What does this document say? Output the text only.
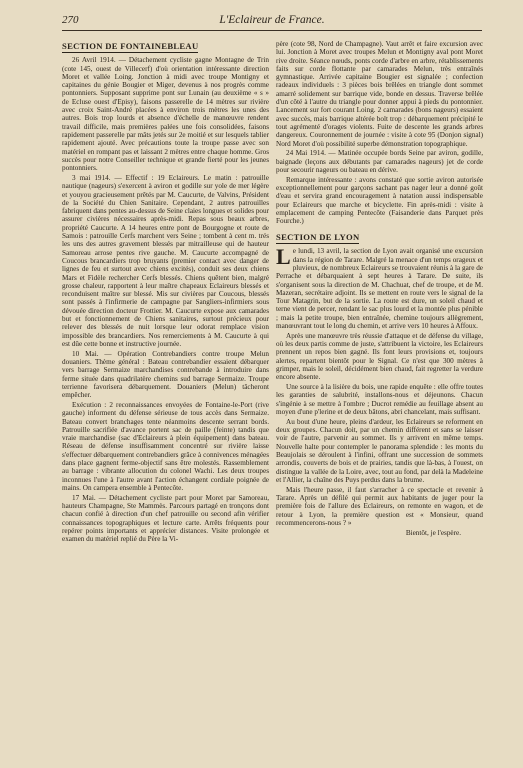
270	L'Eclaireur de France.
SECTION DE FONTAINEBLEAU

26 Avril 1914. — Détachement cycliste gagne Montagne de Trin (cote 145, ouest de Villecerf) d'où orientation intéressante direction Moret et vallée Loing. Jonction à midi avec troupe Montigny et capitaines du génie Bougier et Miger, devenus à nos progrès comme pontonniers. Supposant supprime pont sur Lunain (au deuxième « s » de Ecluse ouest d'Episy), faisons passerelle de 14 mètres sur rivière avec croix Saint-André placées à environ trois mètres les unes des autres. Bois trop lourds et absence d'échelle de manœuvre rendent travail difficile, mais premières palées une fois consolidées, faisons rapidement passerelle par mâts jetés sur 2e moitié et sur lesquels tablier rapidement ajouté. Avec précautions toute la troupe passe avec son matériel en rompant pas et laissant 2 mètres entre chaque homme. Gros succès pour notre Conseiller technique et grande fierté pour les jeunes pontonniers.

3 mai 1914. — Effectif : 19 Eclaireurs. Le matin : patrouille nautique (nageurs) s'exercent à aviron et godille sur yole de mer légère et youyou gracieusement prêtés par M. Caucurte, de Valvins, Président de la Société du Chien Sanitaire. Cependant, 2 autres patrouilles fabriquent dans pentes au-dessus de Seine claies longues et solides pour assurer civières nécessaires après-midi. Repas sous beaux arbres, propriété Caucurte. A 14 heures entre pont de Bourgogne et route de Samois : patrouille Cerfs marchent vers Seine ; tombent à cent m. trés les uns des autres gravement blessés par mitrailleuse qui de hauteur Samoreau arrose pentes rive gauche. M. Caucurte accompagné de Coucous brancardiers trop bruyants (premier contact avec danger de lignes de feu et surtout avec chiens excités), conduit ses deux chiens Mars et Fidèle rechercher Cerfs blessés. Chiens quêtent bien, malgré grosse chaleur, rapportent à leur maître chapeaux Eclaireurs blessés et reconduisent maître sur blessé. Mis sur civières par Coucous, blessés sont passés à l'infirmerie de campagne par Sangliers-infirmiers sous dévouée direction docteur Frottier. M. Caucurte expose aux camarades but et fonctionnement de Chiens sanitaires, surtout précieux pour relever des blessés de nuit lorsque leur odorat remplace vision impossible des brancardiers. Nos remerciements à M. Caucurte à qui est dûe cette bonne et instructive journée.

10 Mai. — Opération Contrebandiers contre troupe Melun douaniers. Thème général : Bateau contrebandier essaient débarquer vers barrage Sermaize marchandises contrebande à introduire dans ferme située dans quadrilatère chemins sud barrage Sermaize. Troupe terrienne favorisera débarquement. Douaniers (Melun) tâcheront empêcher.

Exécution : 2 reconnaissances envoyées de Fontaine-le-Port (rive gauche) informent du défense sérieuse de tous accès dans Sermaize. Bateau convert branchages tente néanmoins descente serrant bords. Patrouille sacrifiée d'avance portent sac de paille (feinte) tandis que vraie marchandise (sac d'Eclaireurs à plein équipement) dans bateau. Réseau de défense insuffisamment concentré sur rivière laisse s'effectuer débarquement contrebandiers grâce à connivences ménagées dans place gagnent ferme-objectif sans être molestés. Rassemblement au barrage : vibrante allocution du colonel Wachi. Les deux troupes inconnues l'une à l'autre avant l'action échangent cordiale poignée de mains. On campera ensemble à Pentecôte.

17 Mai. — Détachement cycliste part pour Moret par Samoreau, hauteurs Champagne, Ste Mammès. Parcours partagé en tronçons dont chacun confié à direction d'un chef patrouille ou second afin vérifier connaissances topographiques et lecture carte. Arrêts fréquents pour repérer points importants et apprécier distances. Visite prolongée et examen du matériel replié du Père la Vi-

père (cote 98, Nord de Champagne). Vaut arrêt et faire excursion avec lui. Jonction à Moret avec troupes Melun et Montigny aval pont Moret rive droite. Séance nœuds, ponts corde d'arbre en arbre, rétablissements faits sur corde flottante par camarades Melun, très entraînés gymnastique. Arrivée capitaine Bougier est signalée ; confection radeaux individuels : 3 pièces bois brêlées en triangle dont sommet amarré solidement sur barrique vide, bonde en dessus. Traverse brêlée d'un côté à l'autre du triangle pour donner appui à pieds du pontonnier. Lancement sur fort courant Loing. 2 camarades (bons nageurs) essaient avec succès, mais barrique altérée bolt trop : débarquement précipité le tout agrémenté d'orages violents. Fuite de descente les grands arbres dangereux. Couronnement de journée : visite à cote 95 (Donjon signal) Nord Moret d'où possibilité superbe démonstration topographique.

24 Mai 1914. — Matinée occupée bords Seine par aviron, godille, baignade (leçons aux débutants par camarades nageurs) jet de corde pour secourir nageurs ou bateau en dérive.

Remarque intéressante : avons constaté que sortie aviron autorisée exceptionnellement pour garçons sachant pas nager leur a donné goût d'eau et servira grand encouragement à natation aussi indispensable pour Eclaireurs que marche et bicyclette. Fin après-midi : visite à emplacement de camping Pentecôte (Faisanderie dans Parquet près Fourche.)

SECTION DE LYON

Le lundi, 13 avril, la section de Lyon avait organisé une excursion dans la région de Tarare. Malgré la menace d'un temps orageux et pluvieux, de nombreux Eclaireurs se trouvaient réunis à la gare de Perrache et débarquaient à sept heures à Tarare. De suite, ils s'organisent sous la direction de M. Chachuat, chef de troupe, et de M. Mazeran, secrétaire adjoint. Ils se mettent en route vers le signal de la Tour Matagrin, but de la sortie. La route est dure, un soleil chaud et terne vient de percer, rendant le sac plus lourd et la montée plus pénible ; mais la petite troupe, bien entraînée, chemine toujours allègrement, manœuvrant tout le long du chemin, et arrive vers 10 heures à Affoux.

Après une manœuvre très réussie d'attaque et de défense du village, où les deux partis comme de juste, s'attribuent la victoire, les Eclaireurs prennent un repos bien gagné. Ils font leurs provisions et, toujours alertes, repartent bientôt pour le Signal. Ce n'est que 300 mètres à grimper, mais le soleil, décidément bien chaud, fait regretter la verdure encore absente.

Une source à la lisière du bois, une rapide enquête : elle offre toutes les garanties de salubrité, installons-nous et déjeunons. Chacun s'ingénie à se mettre à l'ombre ; Ducrot remédie au feuillage absent au moyen d'une p'lerine et de deux bâtons, abri chancelant, mais suffisant.

Au bout d'une heure, pleins d'ardeur, les Eclaireurs se reforment en deux groupes. Chacun doit, par un chemin différent et sans se laisser voir de l'autre, parvenir au sommet. Ils y arrivent en même temps. Nouvelle halte pour contempler le panorama splendide : les monts du Beaujolais se déroulent à l'infini, offrant une succession de sommets arrondis, couverts de bois et de prairies, tandis que là-bas, à l'ouest, on distingue la vallée de la Loire, avec, tout au fond, par delà la Madeleine et l'Allier, la chaîne des Puys perdus dans la brume.

Mais l'heure passe, il faut s'arracher à ce spectacle et revenir à Tarare. Après un défilé qui permit aux habitants de juger pour la première fois de l'allure des Eclaireurs, on remonte en wagon, et de retour à Lyon, la première question est « Monsieur, quand recommencerons-nous ? »

Bientôt, je l'espère.
